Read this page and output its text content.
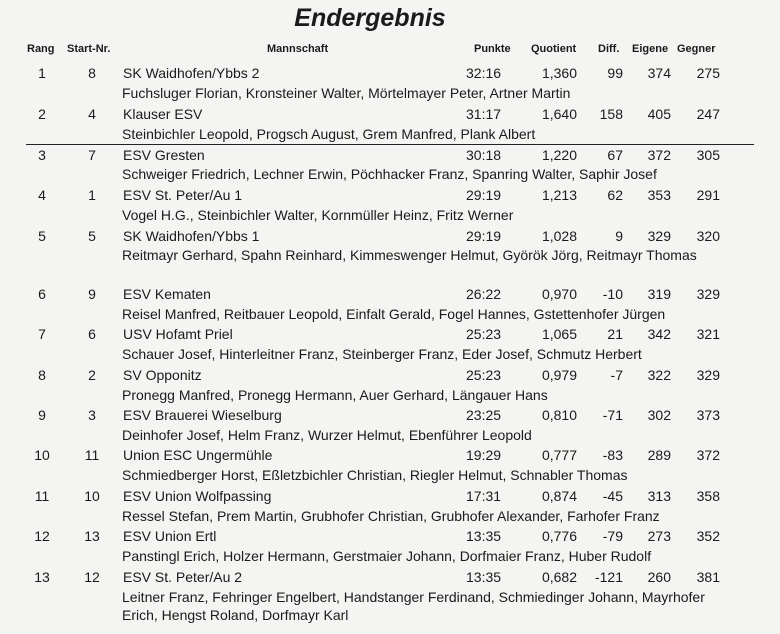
Endergebnis
Rang Start-Nr.	Mannschaft	Punkte Quotient Diff. Eigene Gegner
1	8	SK Waidhofen/Ybbs 2	32:16	1,360	99	374	275
Fuchsluger Florian, Kronsteiner Walter, Mörtelmayer Peter, Artner Martin
2	4	Klauser ESV	31:17	1,640	158	405	247
Steinbichler Leopold, Progsch August, Grem Manfred, Plank Albert
3	7	ESV Gresten	30:18	1,220	67	372	305
Schweiger Friedrich, Lechner Erwin, Pöchhacker Franz, Spanring Walter, Saphir Josef
4	1	ESV St. Peter/Au 1	29:19	1,213	62	353	291
Vogel H.G., Steinbichler Walter, Kornmüller Heinz, Fritz Werner
5	5	SK Waidhofen/Ybbs 1	29:19	1,028	9	329	320
Reitmayr Gerhard, Spahn Reinhard, Kimmeswenger Helmut, Györök Jörg, Reitmayr Thomas
6	9	ESV Kematen	26:22	0,970	-10	319	329
Reisel Manfred, Reitbauer Leopold, Einfalt Gerald, Fogel Hannes, Gstettenhofer Jürgen
7	6	USV Hofamt Priel	25:23	1,065	21	342	321
Schauer Josef, Hinterleitner Franz, Steinberger Franz, Eder Josef, Schmutz Herbert
8	2	SV Opponitz	25:23	0,979	-7	322	329
Pronegg Manfred, Pronegg Hermann, Auer Gerhard, Längauer Hans
9	3	ESV Brauerei Wieselburg	23:25	0,810	-71	302	373
Deinhofer Josef, Helm Franz, Wurzer Helmut, Ebenführer Leopold
10	11	Union ESC Ungermühle	19:29	0,777	-83	289	372
Schmiedberger Horst, Eßletzbichler Christian, Riegler Helmut, Schnabler Thomas
11	10	ESV Union Wolfpassing	17:31	0,874	-45	313	358
Ressel Stefan, Prem Martin, Grubhofer Christian, Grubhofer Alexander, Farhofer Franz
12	13	ESV Union Ertl	13:35	0,776	-79	273	352
Panstingl Erich, Holzer Hermann, Gerstmaier Johann, Dorfmaier Franz, Huber Rudolf
13	12	ESV St. Peter/Au 2	13:35	0,682	-121	260	381
Leitner Franz, Fehringer Engelbert, Handstanger Ferdinand, Schmiedinger Johann, Mayrhofer Erich, Hengst Roland, Dorfmayr Karl
